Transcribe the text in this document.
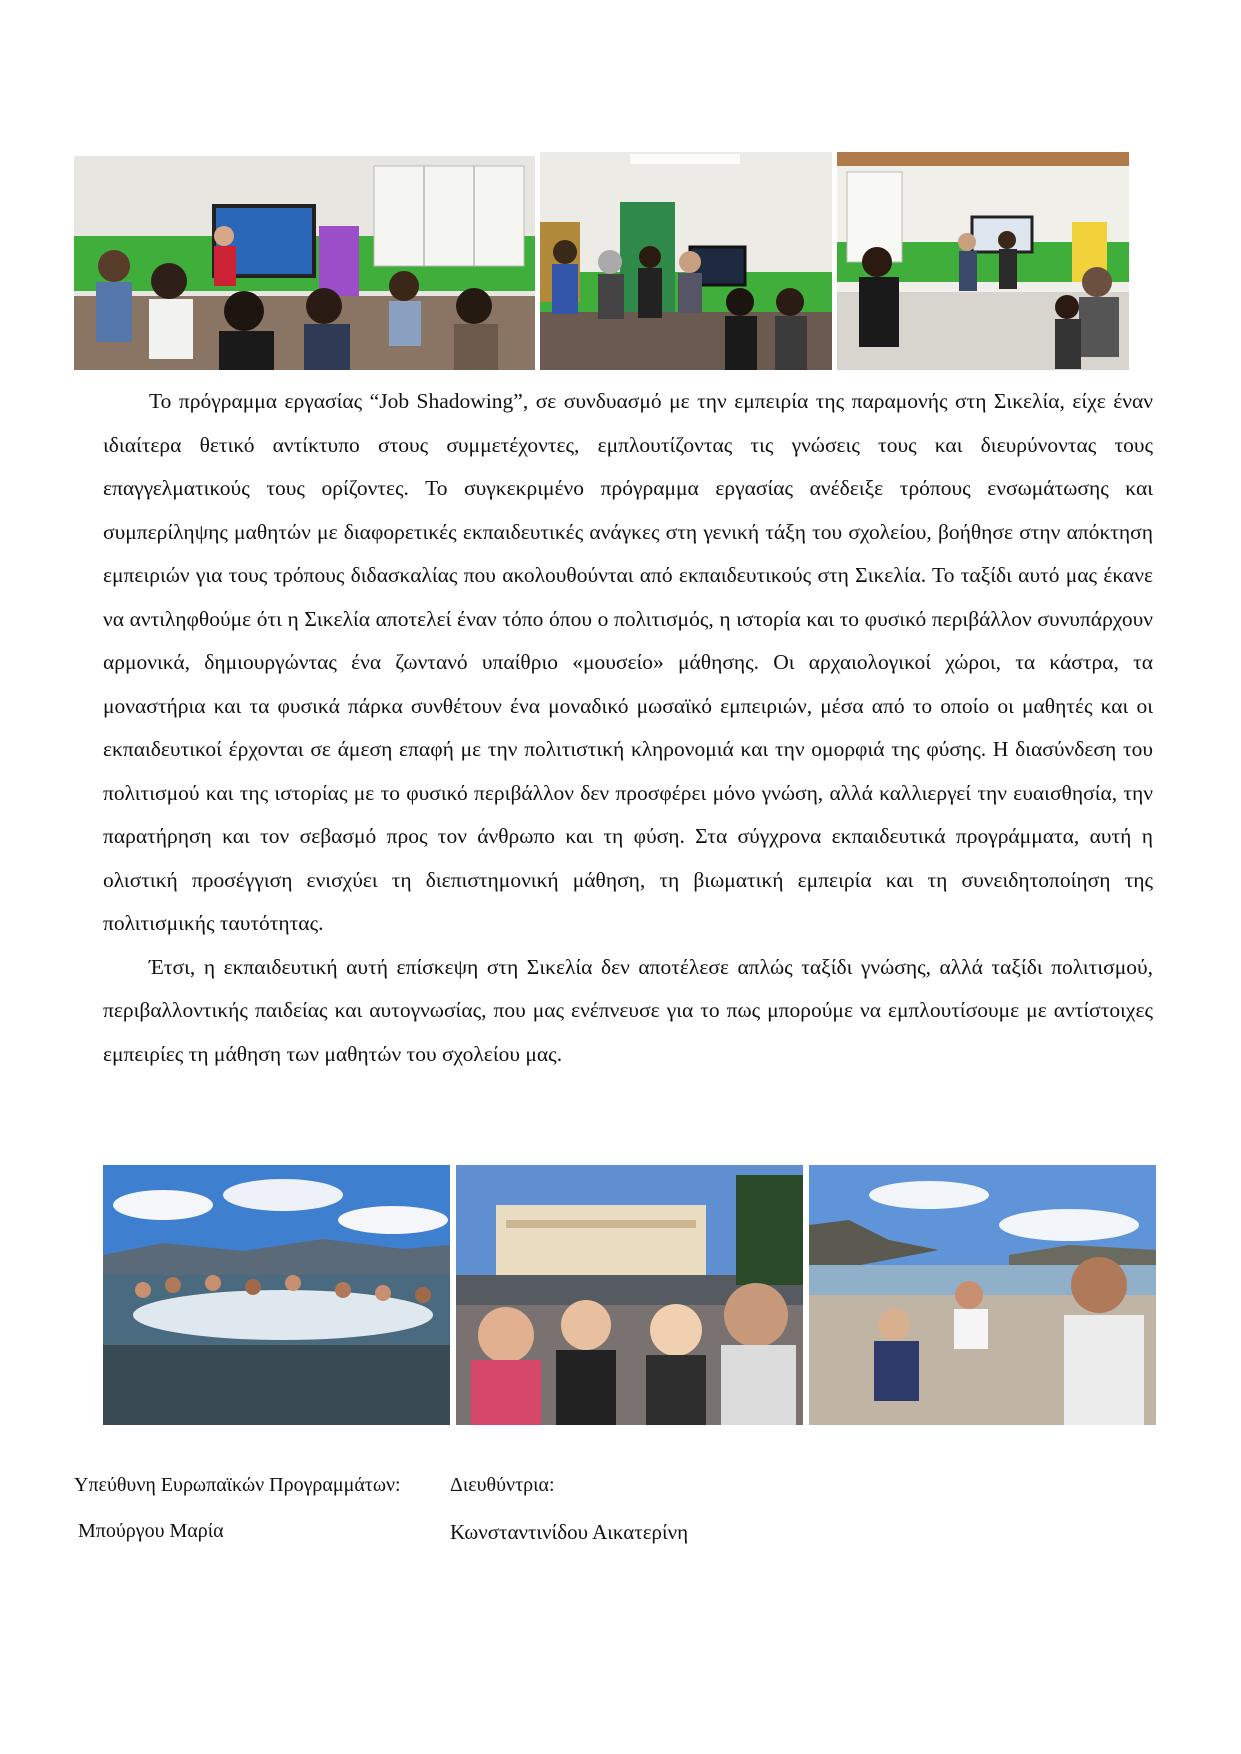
Το πρόγραμμα εργασίας “Job Shadowing”, σε συνδυασμό με την εμπειρία της παραμονής στη Σικελία, είχε έναν ιδιαίτερα θετικό αντίκτυπο στους συμμετέχοντες, εμπλουτίζοντας τις γνώσεις τους και διευρύνοντας τους επαγγελματικούς τους ορίζοντες. Το συγκεκριμένο πρόγραμμα εργασίας ανέδειξε τρόπους ενσωμάτωσης και συμπερίληψης μαθητών με διαφορετικές εκπαιδευτικές ανάγκες στη γενική τάξη του σχολείου, βοήθησε στην απόκτηση εμπειριών για τους τρόπους διδασκαλίας που ακολουθούνται από εκπαιδευτικούς στη Σικελία. Το ταξίδι αυτό μας έκανε να αντιληφθούμε ότι η Σικελία αποτελεί έναν τόπο όπου ο πολιτισμός, η ιστορία και το φυσικό περιβάλλον συνυπάρχουν αρμονικά, δημιουργώντας ένα ζωντανό υπαίθριο «μουσείο» μάθησης. Οι αρχαιολογικοί χώροι, τα κάστρα, τα μοναστήρια και τα φυσικά πάρκα συνθέτουν ένα μοναδικό μωσαϊκό εμπειριών, μέσα από το οποίο οι μαθητές και οι εκπαιδευτικοί έρχονται σε άμεση επαφή με την πολιτιστική κληρονομιά και την ομορφιά της φύσης. Η διασύνδεση του πολιτισμού και της ιστορίας με το φυσικό περιβάλλον δεν προσφέρει μόνο γνώση, αλλά καλλιεργεί την ευαισθησία, την παρατήρηση και τον σεβασμό προς τον άνθρωπο και τη φύση. Στα σύγχρονα εκπαιδευτικά προγράμματα, αυτή η ολιστική προσέγγιση ενισχύει τη διεπιστημονική μάθηση, τη βιωματική εμπειρία και τη συνειδητοποίηση της πολιτισμικής ταυτότητας.

Έτσι, η εκπαιδευτική αυτή επίσκεψη στη Σικελία δεν αποτέλεσε απλώς ταξίδι γνώσης, αλλά ταξίδι πολιτισμού, περιβαλλοντικής παιδείας και αυτογνωσίας, που μας ενέπνευσε για το πως μπορούμε να εμπλουτίσουμε με αντίστοιχες εμπειρίες τη μάθηση των μαθητών του σχολείου μας.

Υπεύθυνη Ευρωπαϊκών Προγραμμάτων:
Μπούργου Μαρία
Διευθύντρια:
Κωνσταντινίδου Αικατερίνη
